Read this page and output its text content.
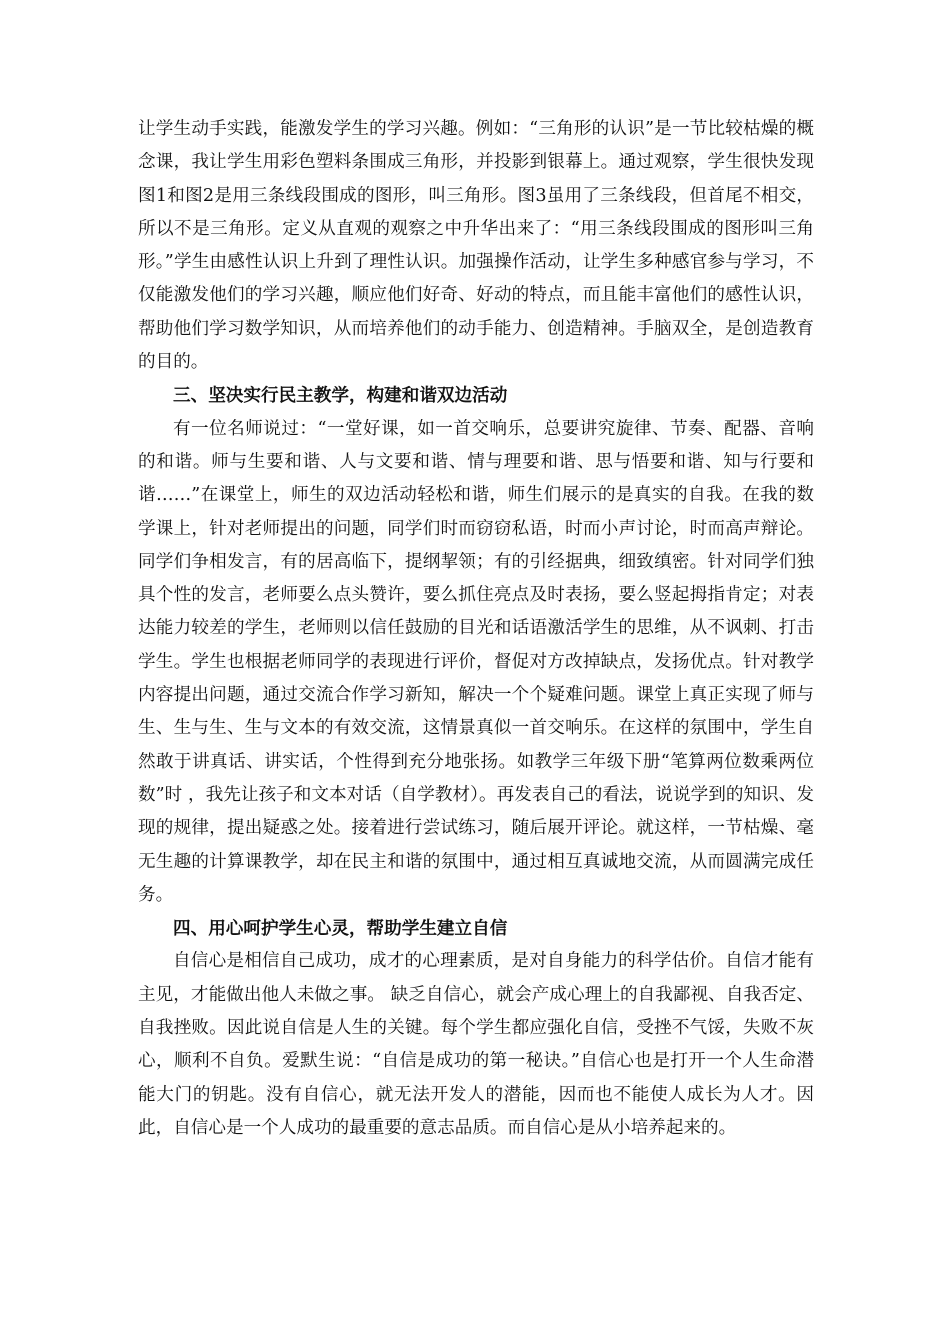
让学生动手实践，能激发学生的学习兴趣。例如：“三角形的认识”是一节比较枯燥的概念课，我让学生用彩色塑料条围成三角形，并投影到银幕上。通过观察，学生很快发现图1和图2是用三条线段围成的图形，叫三角形。图3虽用了三条线段，但首尾不相交，所以不是三角形。定义从直观的观察之中升华出来了：“用三条线段围成的图形叫三角形。”学生由感性认识上升到了理性认识。加强操作活动，让学生多种感官参与学习，不仅能激发他们的学习兴趣，顺应他们好奇、好动的特点，而且能丰富他们的感性认识，帮助他们学习数学知识，从而培养他们的动手能力、创造精神。手脑双全，是创造教育的目的。

三、坚决实行民主教学，构建和谐双边活动

有一位名师说过：“一堂好课，如一首交响乐，总要讲究旋律、节奏、配器、音响的和谐。师与生要和谐、人与文要和谐、情与理要和谐、思与悟要和谐、知与行要和谐……”在课堂上，师生的双边活动轻松和谐，师生们展示的是真实的自我。在我的数学课上，针对老师提出的问题，同学们时而窃窃私语，时而小声讨论，时而高声辩论。同学们争相发言，有的居高临下，提纲挈领；有的引经据典，细致缜密。针对同学们独具个性的发言，老师要么点头赞许，要么抓住亮点及时表扬，要么竖起拇指肯定；对表达能力较差的学生，老师则以信任鼓励的目光和话语激活学生的思维，从不讽刺、打击学生。学生也根据老师同学的表现进行评价，督促对方改掉缺点，发扬优点。针对教学内容提出问题，通过交流合作学习新知，解决一个个疑难问题。课堂上真正实现了师与生、生与生、生与文本的有效交流，这情景真似一首交响乐。在这样的氛围中，学生自然敢于讲真话、讲实话，个性得到充分地张扬。如教学三年级下册“笔算两位数乘两位数”时 ，我先让孩子和文本对话（自学教材）。再发表自己的看法，说说学到的知识、发现的规律，提出疑惑之处。接着进行尝试练习，随后展开评论。就这样，一节枯燥、毫无生趣的计算课教学，却在民主和谐的氛围中，通过相互真诚地交流，从而圆满完成任务。

四、用心呵护学生心灵，帮助学生建立自信

自信心是相信自己成功，成才的心理素质，是对自身能力的科学估价。自信才能有主见，才能做出他人未做之事。 缺乏自信心，就会产成心理上的自我鄙视、自我否定、自我挫败。因此说自信是人生的关键。每个学生都应强化自信，受挫不气馁，失败不灰心，顺利不自负。爱默生说：“自信是成功的第一秘诀。”自信心也是打开一个人生命潜能大门的钥匙。没有自信心，就无法开发人的潜能，因而也不能使人成长为人才。因此，自信心是一个人成功的最重要的意志品质。而自信心是从小培养起来的。
